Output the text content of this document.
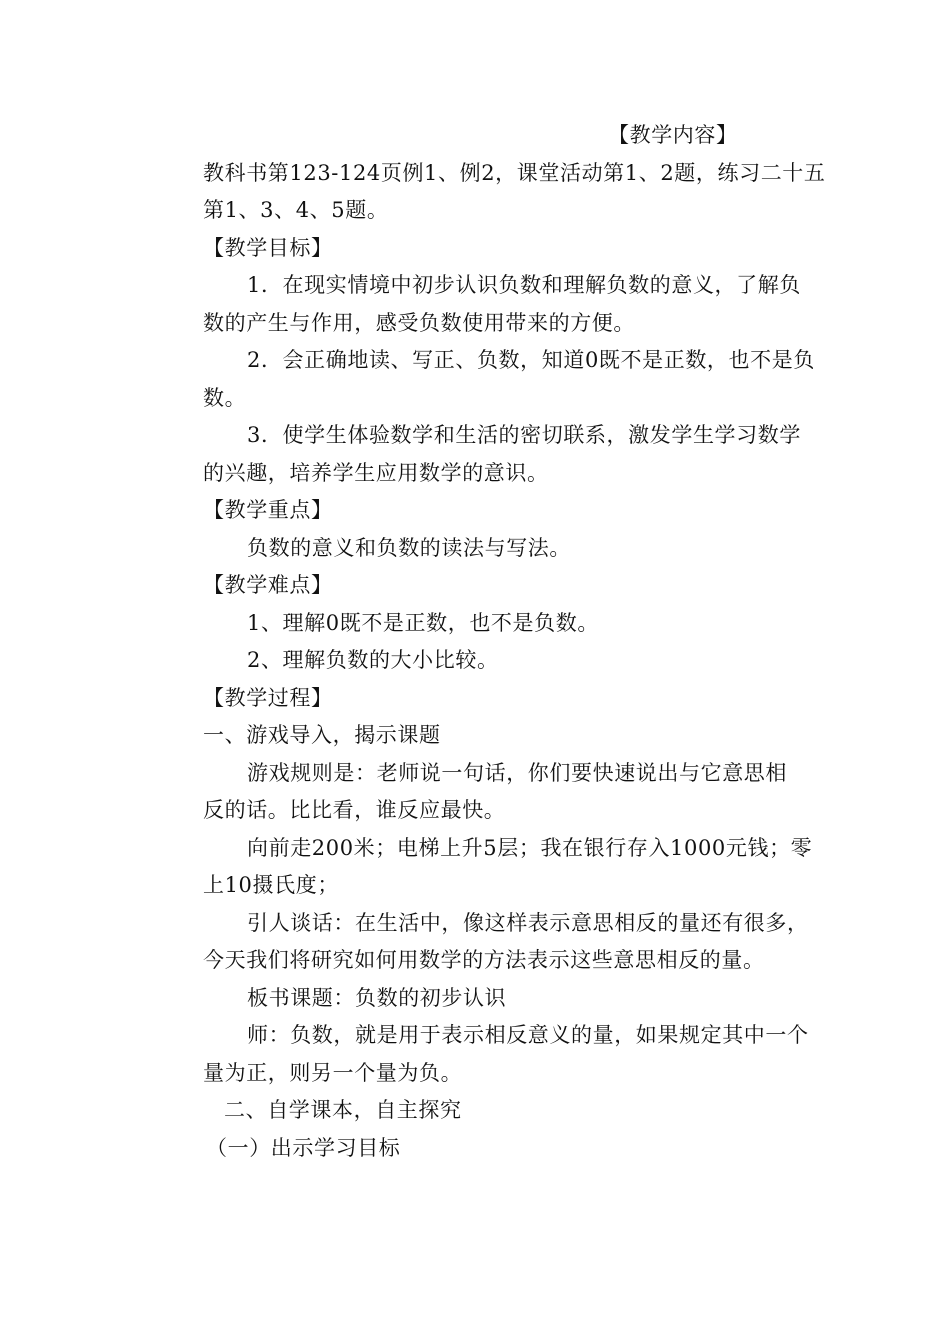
【教学内容】
教科书第123-124页例1、例2，课堂活动第1、2题，练习二十五
第1、3、4、5题。
【教学目标】
1．在现实情境中初步认识负数和理解负数的意义，了解负
数的产生与作用，感受负数使用带来的方便。
2．会正确地读、写正、负数，知道0既不是正数，也不是负
数。
3．使学生体验数学和生活的密切联系，激发学生学习数学
的兴趣，培养学生应用数学的意识。
【教学重点】
负数的意义和负数的读法与写法。
【教学难点】
1、理解0既不是正数，也不是负数。
2、理解负数的大小比较。
【教学过程】
一、游戏导入，揭示课题
游戏规则是：老师说一句话，你们要快速说出与它意思相
反的话。比比看，谁反应最快。
向前走200米；电梯上升5层；我在银行存入1000元钱；零
上10摄氏度；
引人谈话：在生活中，像这样表示意思相反的量还有很多，
今天我们将研究如何用数学的方法表示这些意思相反的量。
板书课题：负数的初步认识
师：负数，就是用于表示相反意义的量，如果规定其中一个
量为正，则另一个量为负。
二、自学课本，自主探究
（一）出示学习目标
